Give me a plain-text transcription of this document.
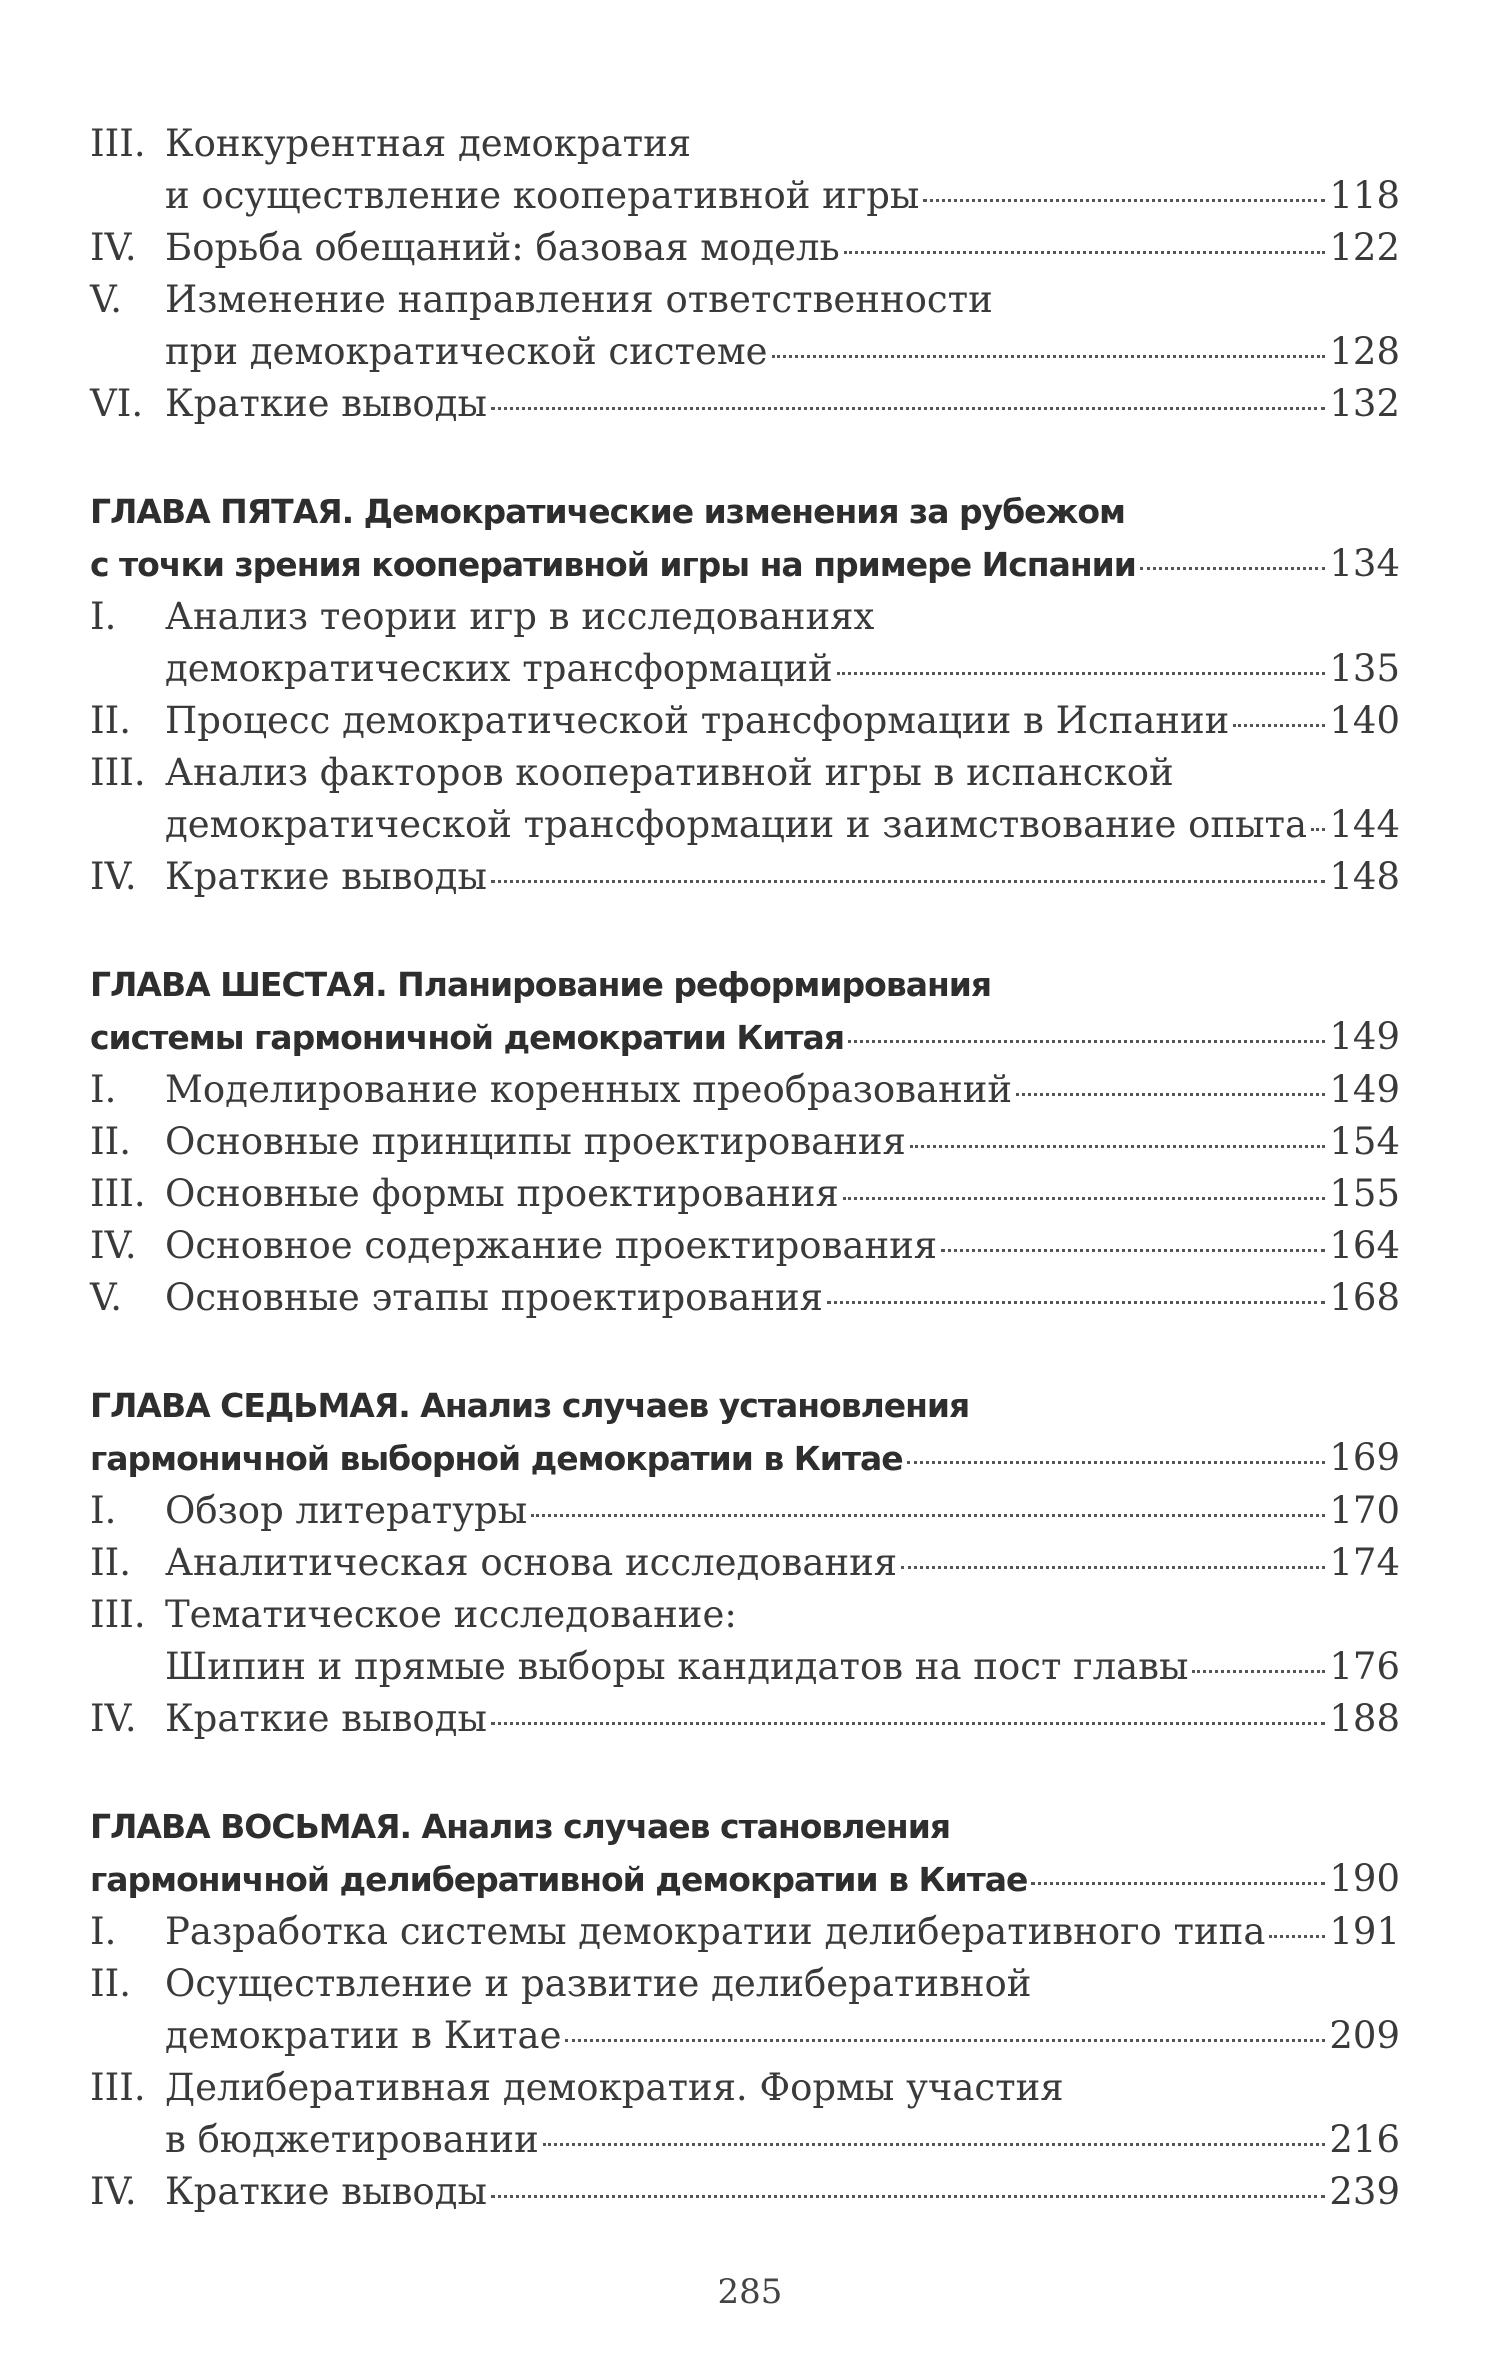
III. Конкурентная демократия
и осуществление кооперативной игры	118
IV. Борьба обещаний: базовая модель	122
V.	Изменение направления ответственности
при демократической системе	128
VI. Краткие выводы	132
ГЛАВА ПЯТАЯ. Демократические изменения за рубежом
с точки зрения кооперативной игры на примере Испании	134
I.	Анализ теории игр в исследованиях
демократических трансформаций	135
II. Процесс демократической трансформации в Испании	140
III. Анализ факторов кооперативной игры в испанской
демократической трансформации и заимствование опыта 144
IV. Краткие выводы	148
ГЛАВА ШЕСТАЯ. Планирование реформирования
системы гармоничной демократии Китая	149
I.	Моделирование коренных преобразований	149
II. Основные принципы проектирования	154
III. Основные формы проектирования	155
IV. Основное содержание проектирования	164
V.	Основные этапы проектирования	168
ГЛАВА СЕДЬМАЯ. Анализ случаев установления
гармоничной выборной демократии в Китае	169
I.	Обзор литературы	170
II. Аналитическая основа исследования	174
III. Тематическое исследование:
Шипин и прямые выборы кандидатов на пост главы	176
IV. Краткие выводы	188
ГЛАВА ВОСЬМАЯ. Анализ случаев становления
гармоничной делиберативной демократии в Китае	190
I.	Разработка системы демократии делиберативного типа 191
II. Осуществление и развитие делиберативной
демократии в Китае	209
III. Делиберативная демократия. Формы участия
в бюджетировании	216
IV. Краткие выводы	239
285
